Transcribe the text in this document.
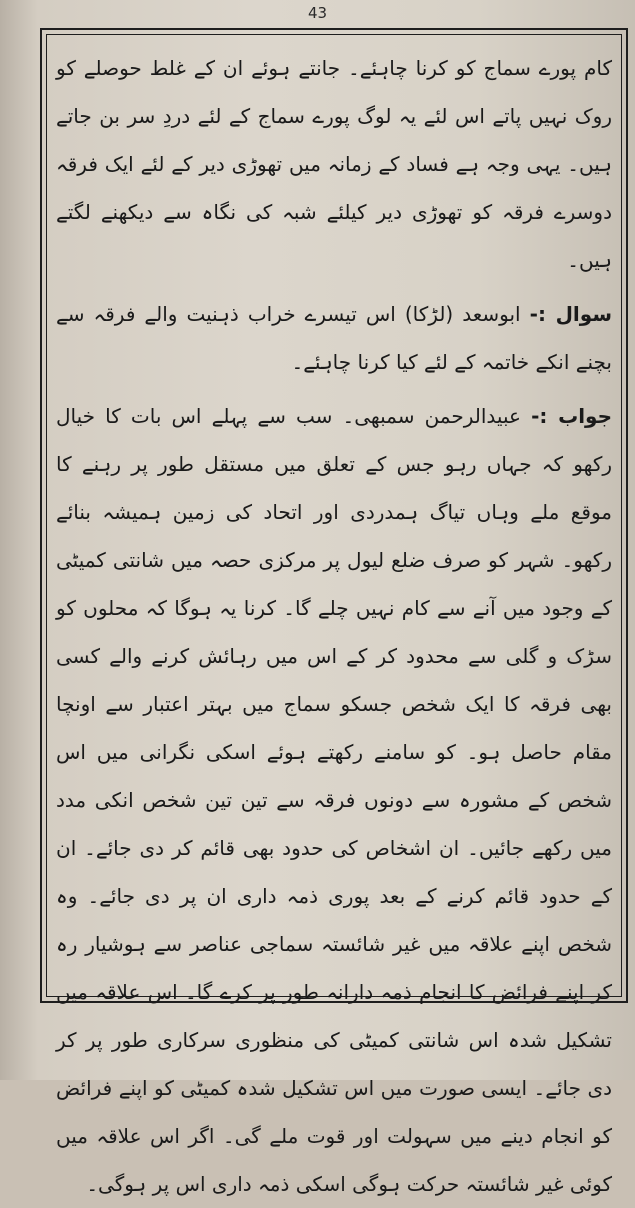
43

کام پورے سماج کو کرنا چاہئے۔ جانتے ہوئے ان کے غلط حوصلے کو روک نہیں پاتے اس لئے یہ لوگ پورے سماج کے لئے دردِ سر بن جاتے ہیں۔ یہی وجہ ہے فساد کے زمانہ میں تھوڑی دیر کے لئے ایک فرقہ دوسرے فرقہ کو تھوڑی دیر کیلئے شبہ کی نگاہ سے دیکھنے لگتے ہیں۔

سوال :- ابوسعد (لڑکا) اس تیسرے خراب ذہنیت والے فرقہ سے بچنے انکے خاتمہ کے لئے کیا کرنا چاہئے۔

جواب :- عبیدالرحمن سمبھی۔ سب سے پہلے اس بات کا خیال رکھو کہ جہاں رہو جس کے تعلق میں مستقل طور پر رہنے کا موقع ملے وہاں تیاگ ہمدردی اور اتحاد کی زمین ہمیشہ بنائے رکھو۔ شہر کو صرف ضلع لیول پر مرکزی حصہ میں شانتی کمیٹی کے وجود میں آنے سے کام نہیں چلے گا۔ کرنا یہ ہوگا کہ محلوں کو سڑک و گلی سے محدود کر کے اس میں رہائش کرنے والے کسی بھی فرقہ کا ایک شخص جسکو سماج میں بہتر اعتبار سے اونچا مقام حاصل ہو۔ کو سامنے رکھتے ہوئے اسکی نگرانی میں اس شخص کے مشورہ سے دونوں فرقہ سے تین تین شخص انکی مدد میں رکھے جائیں۔ ان اشخاص کی حدود بھی قائم کر دی جائے۔ ان کے حدود قائم کرنے کے بعد پوری ذمہ داری ان پر دی جائے۔ وہ شخص اپنے علاقہ میں غیر شائستہ سماجی عناصر سے ہوشیار رہ کر اپنے فرائض کا انجام ذمہ دارانہ طور پر کرے گا۔ اس علاقہ میں تشکیل شدہ اس شانتی کمیٹی کی منظوری سرکاری طور پر کر دی جائے۔ ایسی صورت میں اس تشکیل شدہ کمیٹی کو اپنے فرائض کو انجام دینے میں سہولت اور قوت ملے گی۔ اگر اس علاقہ میں کوئی غیر شائستہ حرکت ہوگی اسکی ذمہ داری اس پر ہوگی۔
